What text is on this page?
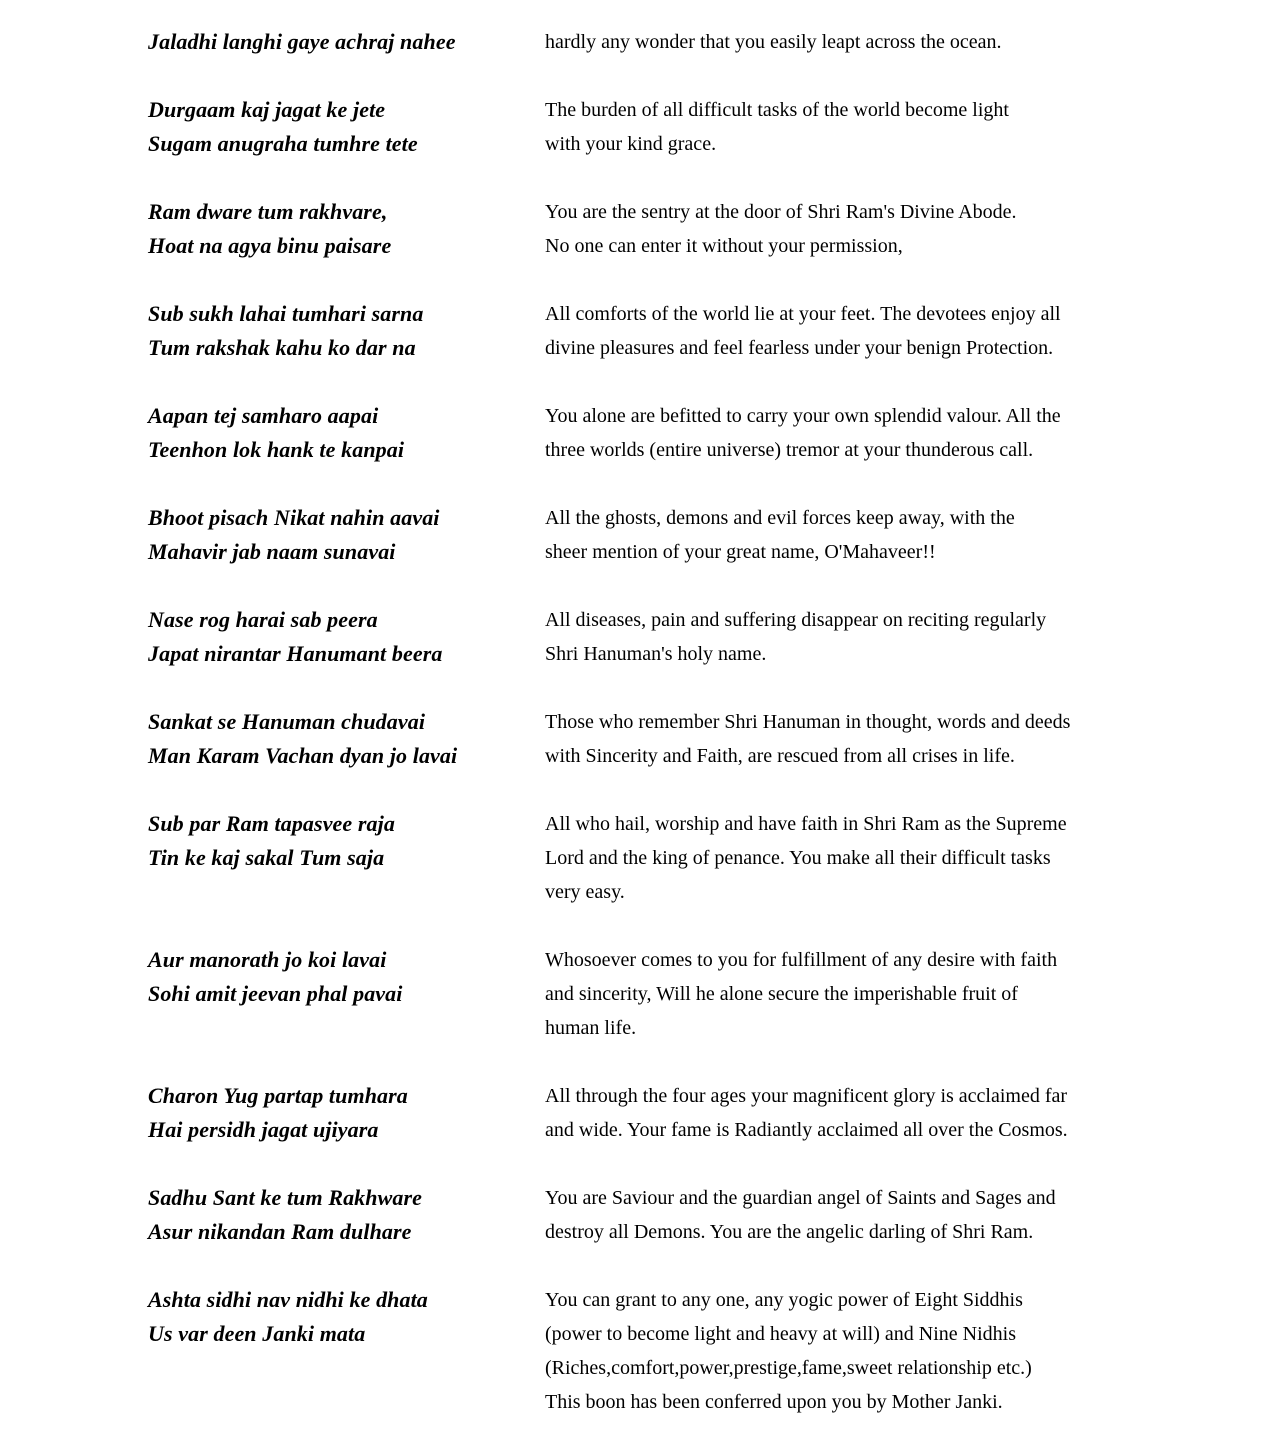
Jaladhi langhi gaye achraj nahee	hardly any wonder that you easily leapt across the ocean.
Durgaam kaj jagat ke jete
Sugam anugraha tumhre tete
The burden of all difficult tasks of the world become light
with your kind grace.
Ram dware tum rakhvare,
Hoat na agya binu paisare
You are the sentry at the door of Shri Ram's Divine Abode.
No one can enter it without your permission,
Sub sukh lahai tumhari sarna
Tum rakshak kahu ko dar na
All comforts of the world lie at your feet. The devotees enjoy all
divine pleasures and feel fearless under your benign Protection.
Aapan tej samharo aapai
Teenhon lok hank te kanpai
You alone are befitted to carry your own splendid valour. All the
three worlds (entire universe) tremor at your thunderous call.
Bhoot pisach Nikat nahin aavai
Mahavir jab naam sunavai
All the ghosts, demons and evil forces keep away, with the
sheer mention of your great name, O'Mahaveer!!
Nase rog harai sab peera
Japat nirantar Hanumant beera
All diseases, pain and suffering disappear on reciting regularly
Shri Hanuman's holy name.
Sankat se Hanuman chudavai
Man Karam Vachan dyan jo lavai
Those who remember Shri Hanuman in thought, words and deeds
with Sincerity and Faith, are rescued from all crises in life.
Sub par Ram tapasvee raja
Tin ke kaj sakal Tum saja
All who hail, worship and have faith in Shri Ram as the Supreme
Lord and the king of penance. You make all their difficult tasks
very easy.
Aur manorath jo koi lavai
Sohi amit jeevan phal pavai
Whosoever comes to you for fulfillment of any desire with faith
and sincerity, Will he alone secure the imperishable fruit of
human life.
Charon Yug partap tumhara
Hai persidh jagat ujiyara
All through the four ages your magnificent glory is acclaimed far
and wide. Your fame is Radiantly acclaimed all over the Cosmos.
Sadhu Sant ke tum Rakhware
Asur nikandan Ram dulhare
You are Saviour and the guardian angel of Saints and Sages and
destroy all Demons. You are the angelic darling of Shri Ram.
Ashta sidhi nav nidhi ke dhata
Us var deen Janki mata
You can grant to any one, any yogic power of Eight Siddhis
(power to become light and heavy at will) and Nine Nidhis
(Riches,comfort,power,prestige,fame,sweet relationship etc.)
This boon has been conferred upon you by Mother Janki.
